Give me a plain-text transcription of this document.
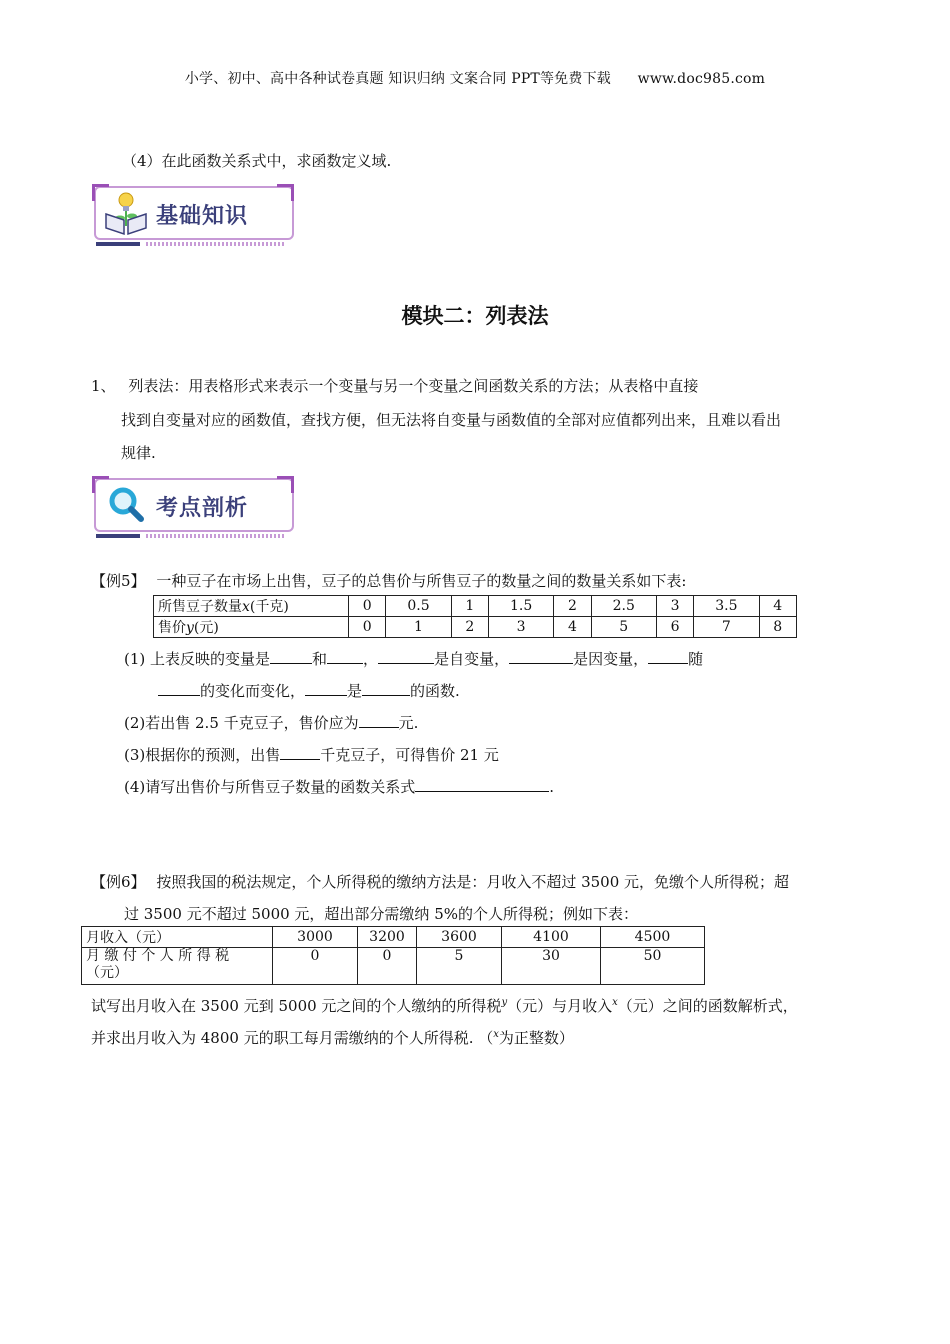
小学、初中、高中各种试卷真题 知识归纳 文案合同 PPT等免费下载 www.doc985.com
（4）在此函数关系式中，求函数定义域.
基础知识
模块二：列表法
1、 列表法：用表格形式来表示一个变量与另一个变量之间函数关系的方法；从表格中直接
找到自变量对应的函数值，查找方便，但无法将自变量与函数值的全部对应值都列出来，且难以看出
规律.
考点剖析
【例5】 一种豆子在市场上出售，豆子的总售价与所售豆子的数量之间的数量关系如下表:
所售豆子数量x(千克)	0	0.5	1	1.5	2	2.5	3	3.5	4
售价y(元)	0	1	2	3	4	5	6	7	8
(1) 上表反映的变量是	和 ，	是自变量，	是因变量，	随
的变化而变化，	是	的函数.
(2)若出售 2.5 千克豆子，售价应为	元.
(3)根据你的预测，出售	千克豆子，可得售价 21 元
(4)请写出售价与所售豆子数量的函数关系式	.
【例6】 按照我国的税法规定，个人所得税的缴纳方法是：月收入不超过 3500 元，免缴个人所得税；超
过 3500 元不超过 5000 元，超出部分需缴纳 5%的个人所得税；例如下表：
月收入（元）	3000	3200	3600	4100	4500
月 缴 付 个 人 所 得 税
（元）	0	0	5	30	50
试写出月收入在 3500 元到 5000 元之间的个人缴纳的所得税$^y$（元）与月收入$^x$（元）之间的函数解析式，
并求出月收入为 4800 元的职工每月需缴纳的个人所得税. （$^x$为正整数）
